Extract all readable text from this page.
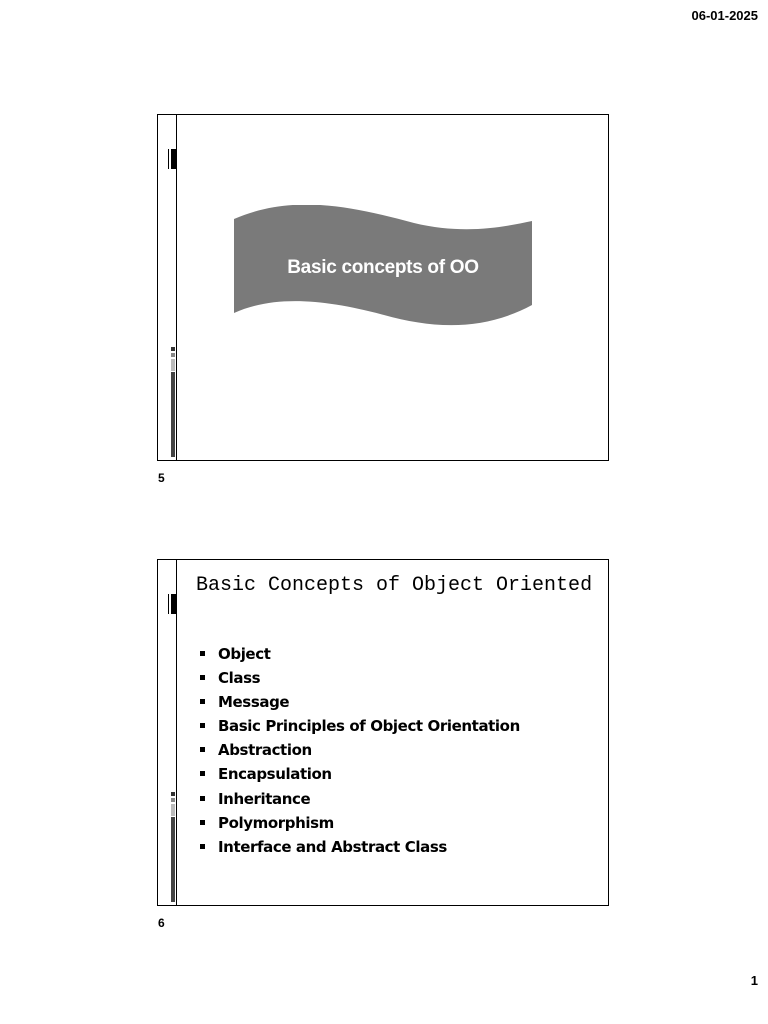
06-01-2025
Basic concepts of OO
5
Basic Concepts of Object Oriented
Object
Class
Message
Basic Principles of Object Orientation
Abstraction
Encapsulation
Inheritance
Polymorphism
Interface and Abstract Class
6
1
